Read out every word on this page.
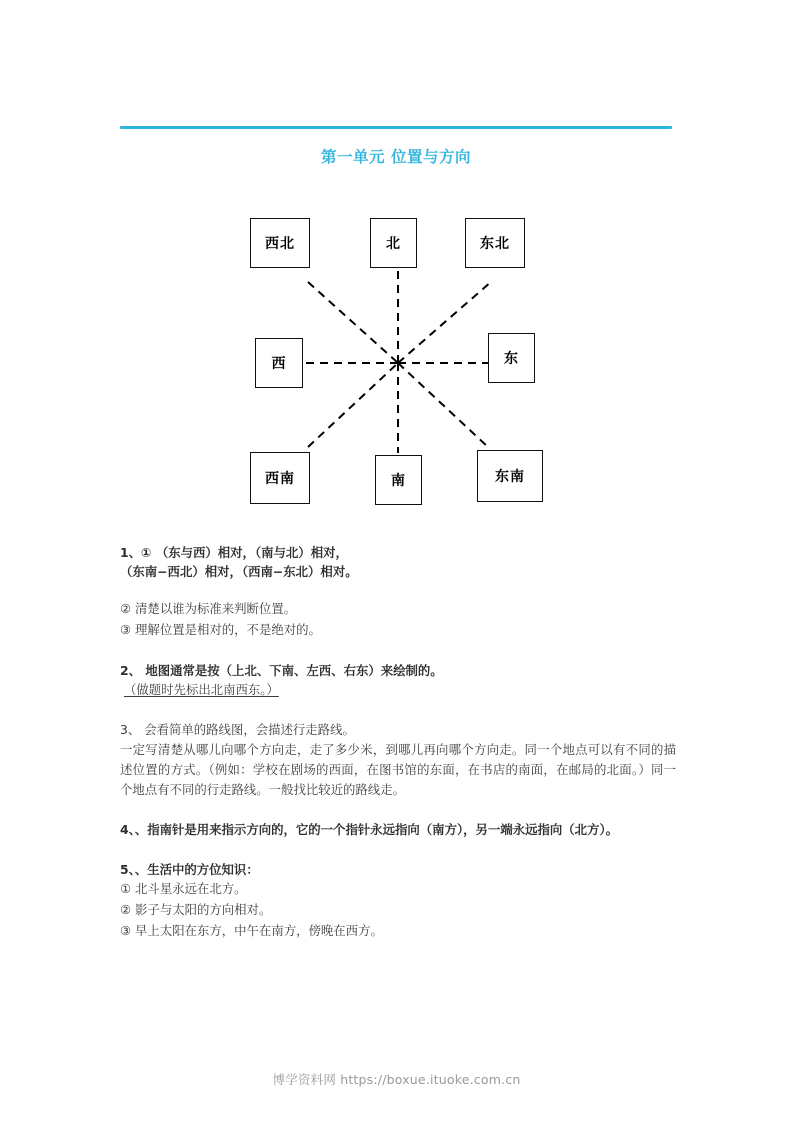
第一单元 位置与方向
西北	北	东北
西	东
西南	南	东南

1、① （东与西）相对，（南与北）相对，

（东南−西北）相对，（西南−东北）相对。

② 清楚以谁为标准来判断位置。

③ 理解位置是相对的，不是绝对的。

2、 地图通常是按（上北、下南、左西、右东）来绘制的。

（做题时先标出北南西东。）

3、 会看简单的路线图，会描述行走路线。

一定写清楚从哪儿向哪个方向走，走了多少米，到哪儿再向哪个方向走。同一个地点可以有不同的描述位置的方式。（例如：学校在剧场的西面，在图书馆的东面，在书店的南面，在邮局的北面。）同一个地点有不同的行走路线。一般找比较近的路线走。

4、、指南针是用来指示方向的，它的一个指针永远指向（南方），另一端永远指向（北方）。

5、、生活中的方位知识：

① 北斗星永远在北方。

② 影子与太阳的方向相对。

③ 早上太阳在东方，中午在南方，傍晚在西方。

博学资料网 https://boxue.ituoke.com.cn
